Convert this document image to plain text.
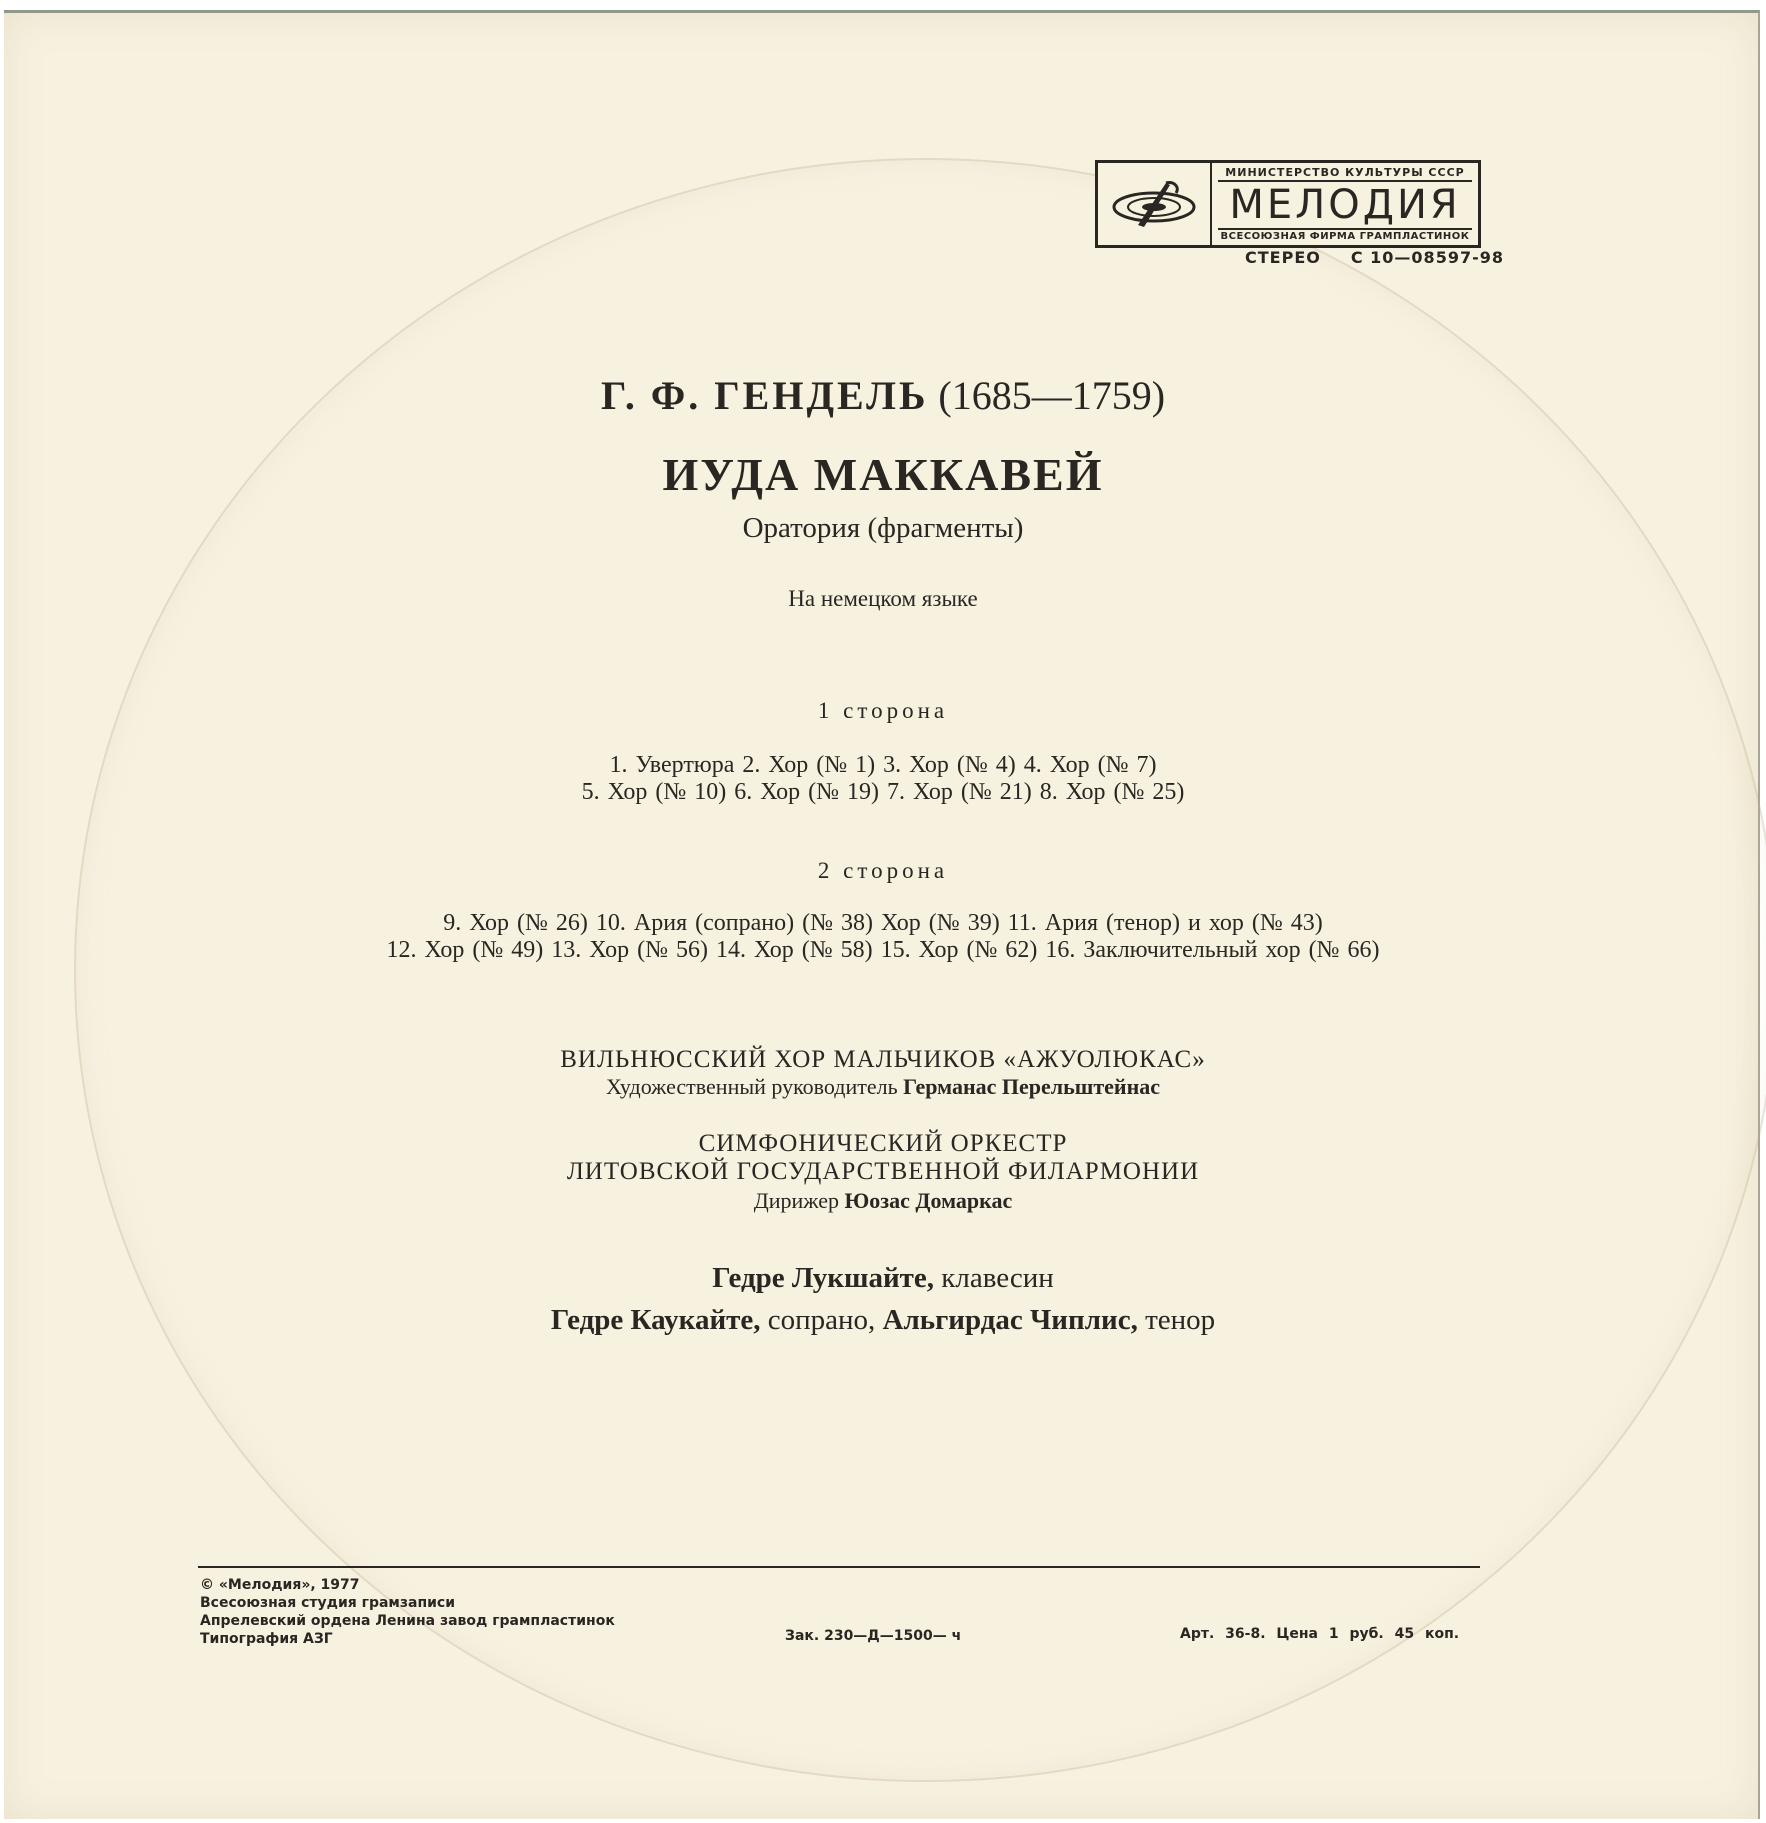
МИНИСТЕРСТВО КУЛЬТУРЫ СССР
МЕЛОДИЯ
ВСЕСОЮЗНАЯ ФИРМА ГРАМПЛАСТИНОК
СТЕРЕО С 10—08597-98
Г. Ф. ГЕНДЕЛЬ (1685—1759)
ИУДА МАККАВЕЙ
Оратория (фрагменты)
На немецком языке
1 сторона
1. Увертюра 2. Хор (№ 1) 3. Хор (№ 4) 4. Хор (№ 7)
5. Хор (№ 10) 6. Хор (№ 19) 7. Хор (№ 21) 8. Хор (№ 25)
2 сторона
9. Хор (№ 26) 10. Ария (сопрано) (№ 38) Хор (№ 39) 11. Ария (тенор) и хор (№ 43)
12. Хор (№ 49) 13. Хор (№ 56) 14. Хор (№ 58) 15. Хор (№ 62) 16. Заключительный хор (№ 66)
ВИЛЬНЮССКИЙ ХОР МАЛЬЧИКОВ «АЖУОЛЮКАС»
Художественный руководитель Германас Перельштейнас
СИМФОНИЧЕСКИЙ ОРКЕСТР
ЛИТОВСКОЙ ГОСУДАРСТВЕННОЙ ФИЛАРМОНИИ
Дирижер Юозас Домаркас
Гедре Лукшайте, клавесин
Гедре Каукайте, сопрано, Альгирдас Чиплис, тенор
© «Мелодия», 1977
Всесоюзная студия грамзаписи
Апрелевский ордена Ленина завод грампластинок
Типография АЗГ	Зак. 230—Д—1500— ч	Арт. 36-8. Цена 1 руб. 45 коп.
